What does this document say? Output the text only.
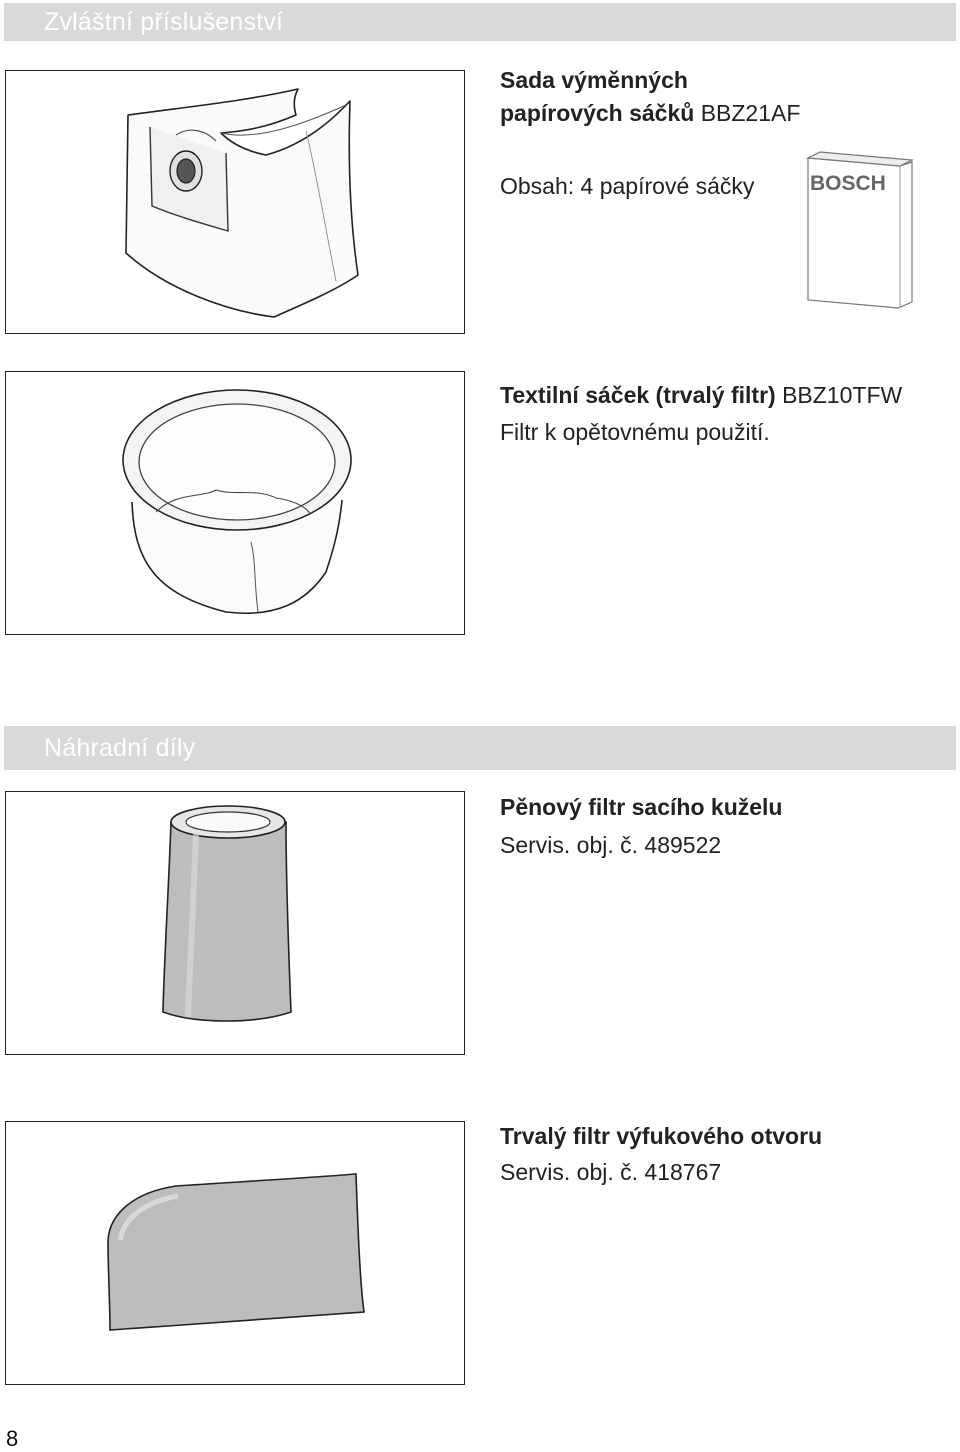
Zvláštní příslušenství
Sada výměnných
papírových sáčků BBZ21AF
Obsah: 4 papírové sáčky	BOSCH
Textilní sáček (trvalý filtr) BBZ10TFW
Filtr k opětovnému použití.
Náhradní díly
Pěnový filtr sacího kuželu
Servis. obj. č. 489522
Trvalý filtr výfukového otvoru
Servis. obj. č. 418767
8
